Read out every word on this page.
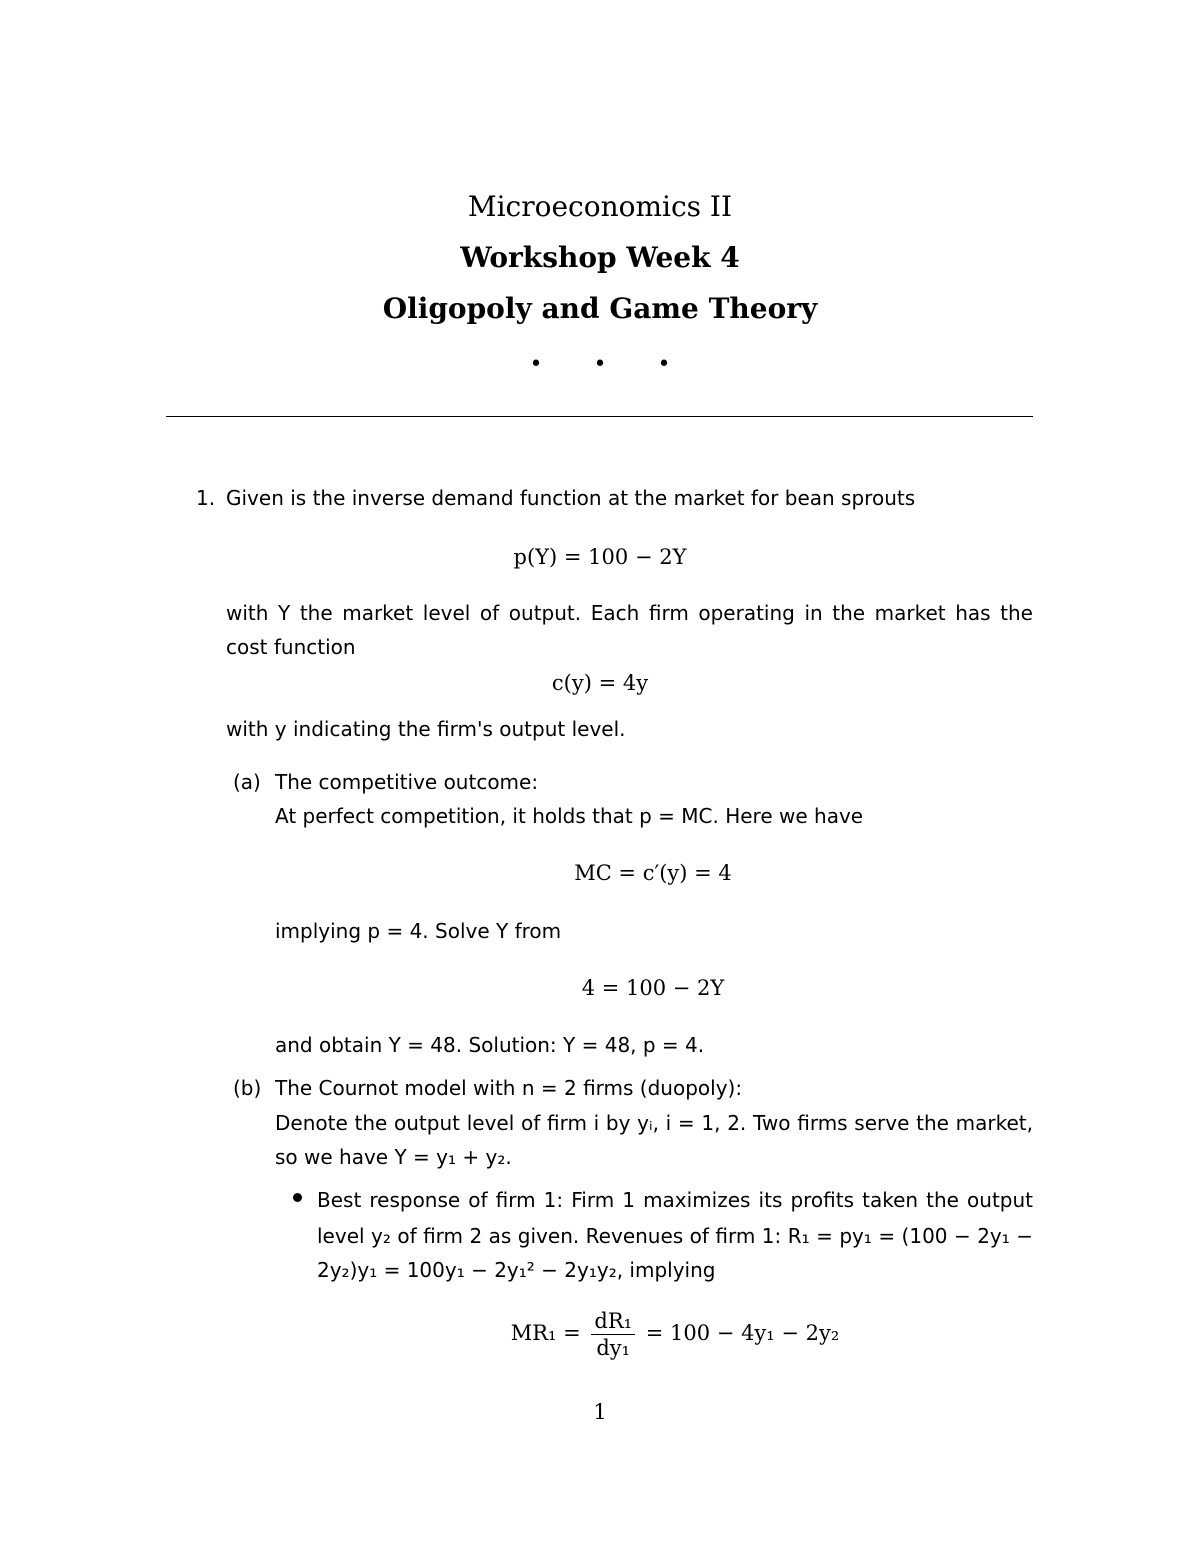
Microeconomics II
Workshop Week 4
Oligopoly and Game Theory
• • •
1. Given is the inverse demand function at the market for bean sprouts
p(Y) = 100 − 2Y
with Y the market level of output. Each firm operating in the market has the
cost function
c(y) = 4y
with y indicating the firm's output level.
(a) The competitive outcome:
At perfect competition, it holds that p = MC. Here we have
MC = c′(y) = 4
implying p = 4. Solve Y from
4 = 100 − 2Y
and obtain Y = 48. Solution: Y = 48, p = 4.
(b) The Cournot model with n = 2 firms (duopoly):
Denote the output level of firm i by yᵢ, i = 1, 2. Two firms serve the market,
so we have Y = y₁ + y₂.
Best response of firm 1: Firm 1 maximizes its profits taken the output
level y₂ of firm 2 as given. Revenues of firm 1: R₁ = py₁ = (100 − 2y₁ −
2y₂)y₁ = 100y₁ − 2y₁² − 2y₁y₂, implying
$MR_1 = \frac{\text{dR₁}}{\text{dy₁}} = 100 - 4y_1 - 2y_2$
1
